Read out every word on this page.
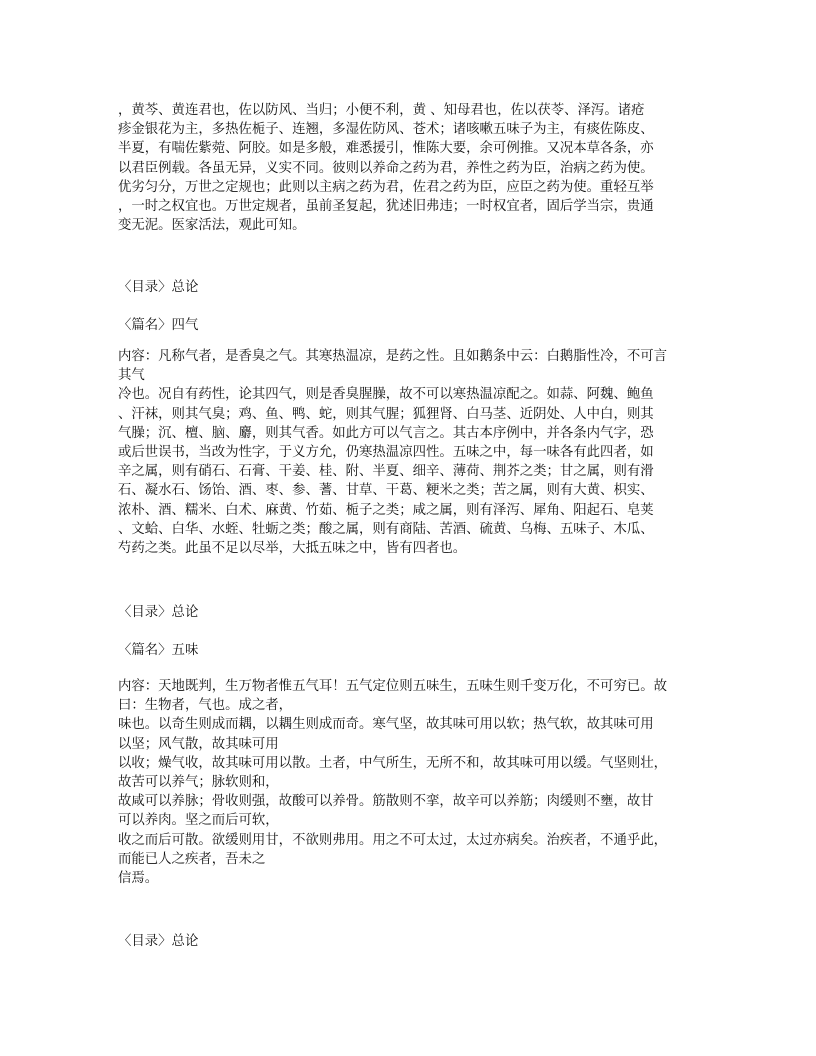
，黄芩、黄连君也，佐以防风、当归；小便不利，黄 、知母君也，佐以茯苓、泽泻。诸疮
疹金银花为主，多热佐栀子、连翘，多湿佐防风、苍术；诸咳嗽五味子为主，有痰佐陈皮、
半夏，有喘佐紫菀、阿胶。如是多般，难悉援引，惟陈大要，余可例推。又况本草各条，亦
以君臣例载。各虽无异，义实不同。彼则以养命之药为君，养性之药为臣，治病之药为使。
优劣匀分，万世之定规也；此则以主病之药为君，佐君之药为臣，应臣之药为使。重轻互举
，一时之权宜也。万世定规者，虽前圣复起，犹述旧弗违；一时权宜者，固后学当宗，贵通
变无泥。医家活法，观此可知。
〈目录〉总论
〈篇名〉四气
内容：凡称气者，是香臭之气。其寒热温凉，是药之性。且如鹅条中云：白鹅脂性冷，不可言
其气
冷也。况自有药性，论其四气，则是香臭腥臊，故不可以寒热温凉配之。如蒜、阿魏、鲍鱼
、汗袜，则其气臭；鸡、鱼、鸭、蛇，则其气腥；狐狸肾、白马茎、近阴处、人中白，则其
气臊；沉、檀、脑、麝，则其气香。如此方可以气言之。其古本序例中，并各条内气字，恐
或后世误书，当改为性字，于义方允，仍寒热温凉四性。五味之中，每一味各有此四者，如
辛之属，则有硝石、石膏、干姜、桂、附、半夏、细辛、薄荷、荆芥之类；甘之属，则有滑
石、凝水石、饧饴、酒、枣、参、蓍、甘草、干葛、粳米之类；苦之属，则有大黄、枳实、
浓朴、酒、糯米、白术、麻黄、竹茹、栀子之类；咸之属，则有泽泻、犀角、阳起石、皂荚
、文蛤、白华、水蛭、牡蛎之类；酸之属，则有商陆、苦酒、硫黄、乌梅、五味子、木瓜、
芍药之类。此虽不足以尽举，大抵五味之中，皆有四者也。
〈目录〉总论
〈篇名〉五味
内容：天地既判，生万物者惟五气耳！五气定位则五味生，五味生则千变万化，不可穷已。故
曰：生物者，气也。成之者，
味也。以奇生则成而耦，以耦生则成而奇。寒气坚，故其味可用以软；热气软，故其味可用
以坚；风气散，故其味可用
以收；燥气收，故其味可用以散。土者，中气所生，无所不和，故其味可用以缓。气坚则壮，
故苦可以养气；脉软则和，
故咸可以养脉；骨收则强，故酸可以养骨。筋散则不挛，故辛可以养筋；肉缓则不壅，故甘
可以养肉。坚之而后可软，
收之而后可散。欲缓则用甘，不欲则弗用。用之不可太过，太过亦病矣。治疾者，不通乎此，
而能已人之疾者，吾未之
信焉。
〈目录〉总论
